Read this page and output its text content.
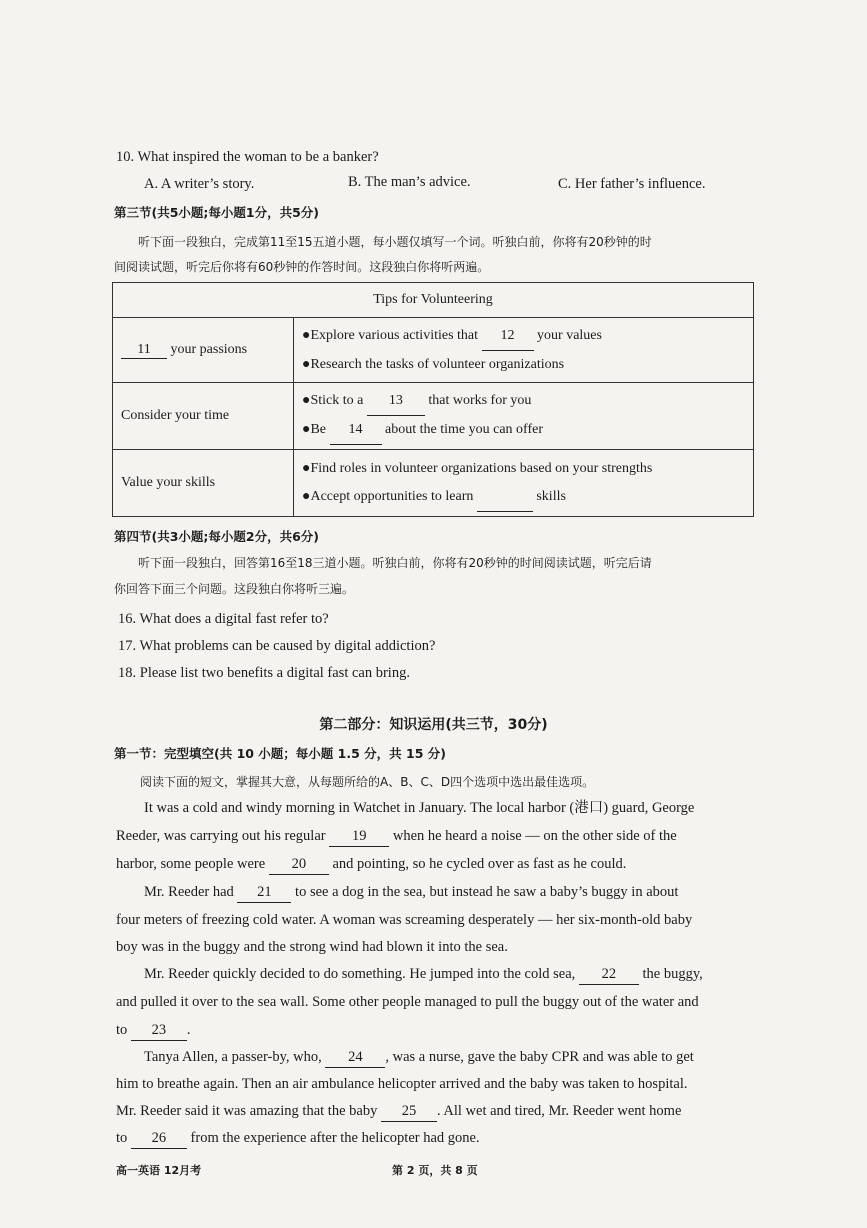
10. What inspired the woman to be a banker?
A. A writer’s story.	B. The man’s advice.	C. Her father’s influence.
第三节(共5小题;每小题1分，共5分)
听下面一段独白，完成第11至15五道小题，每小题仅填写一个词。听独白前，你将有20秒钟的时
间阅读试题，听完后你将有60秒钟的作答时间。这段独白你将听两遍。
Tips for Volunteering	
11 your passions	●Explore various activities that 12 your values
●Research the tasks of volunteer organizations

Consider your time	●Stick to a 13 that works for you
●Be 14 about the time you can offer

Value your skills	●Find roles in volunteer organizations based on your strengths
●Accept opportunities to learn skills
第四节(共3小题;每小题2分，共6分)
听下面一段独白，回答第16至18三道小题。听独白前，你将有20秒钟的时间阅读试题，听完后请
你回答下面三个问题。这段独白你将听三遍。
16. What does a digital fast refer to?
17. What problems can be caused by digital addiction?
18. Please list two benefits a digital fast can bring.
第二部分：知识运用(共三节，30分)
第一节：完型填空(共 10 小题；每小题 1.5 分，共 15 分)
阅读下面的短文，掌握其大意，从每题所给的A、B、C、D四个选项中选出最佳选项。
It was a cold and windy morning in Watchet in January. The local harbor (港口) guard, George
Reeder, was carrying out his regular 19 when he heard a noise — on the other side of the
harbor, some people were 20 and pointing, so he cycled over as fast as he could.
Mr. Reeder had 21 to see a dog in the sea, but instead he saw a baby’s buggy in about
four meters of freezing cold water. A woman was screaming desperately — her six-month-old baby
boy was in the buggy and the strong wind had blown it into the sea.
Mr. Reeder quickly decided to do something. He jumped into the cold sea, 22 the buggy,
and pulled it over to the sea wall. Some other people managed to pull the buggy out of the water and
to 23 .
Tanya Allen, a passer-by, who, 24 , was a nurse, gave the baby CPR and was able to get
him to breathe again. Then an air ambulance helicopter arrived and the baby was taken to hospital.
Mr. Reeder said it was amazing that the baby 25 . All wet and tired, Mr. Reeder went home
to 26 from the experience after the helicopter had gone.
高一英语 12月考	第 2 页，共 8 页
